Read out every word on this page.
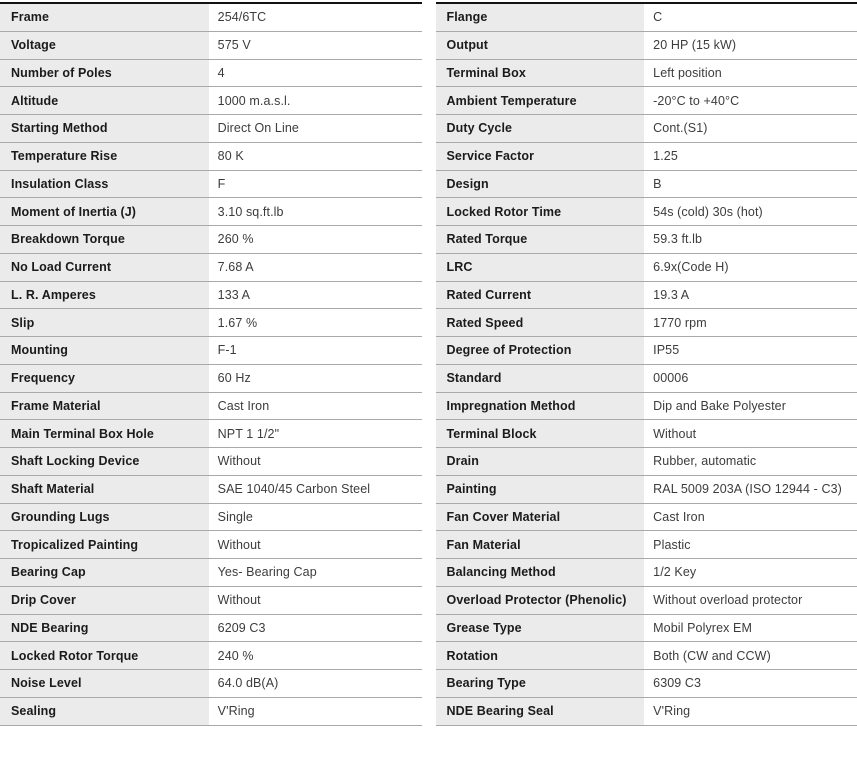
Frame	254/6TC
Voltage	575 V
Number of Poles	4
Altitude	1000 m.a.s.l.
Starting Method	Direct On Line
Temperature Rise	80 K
Insulation Class	F
Moment of Inertia (J)	3.10 sq.ft.lb
Breakdown Torque	260 %
No Load Current	7.68 A
L. R. Amperes	133 A
Slip	1.67 %
Mounting	F-1
Frequency	60 Hz
Frame Material	Cast Iron
Main Terminal Box Hole	NPT 1 1/2"
Shaft Locking Device	Without
Shaft Material	SAE 1040/45 Carbon Steel
Grounding Lugs	Single
Tropicalized Painting	Without
Bearing Cap	Yes- Bearing Cap
Drip Cover	Without
NDE Bearing	6209 C3
Locked Rotor Torque	240 %
Noise Level	64.0 dB(A)
Sealing	V'Ring
Flange	C
Output	20 HP (15 kW)
Terminal Box	Left position
Ambient Temperature	-20°C to +40°C
Duty Cycle	Cont.(S1)
Service Factor	1.25
Design	B
Locked Rotor Time	54s (cold) 30s (hot)
Rated Torque	59.3 ft.lb
LRC	6.9x(Code H)
Rated Current	19.3 A
Rated Speed	1770 rpm
Degree of Protection	IP55
Standard	00006
Impregnation Method	Dip and Bake Polyester
Terminal Block	Without
Drain	Rubber, automatic
Painting	RAL 5009 203A (ISO 12944 - C3)
Fan Cover Material	Cast Iron
Fan Material	Plastic
Balancing Method	1/2 Key
Overload Protector (Phenolic)	Without overload protector
Grease Type	Mobil Polyrex EM
Rotation	Both (CW and CCW)
Bearing Type	6309 C3
NDE Bearing Seal	V'Ring
